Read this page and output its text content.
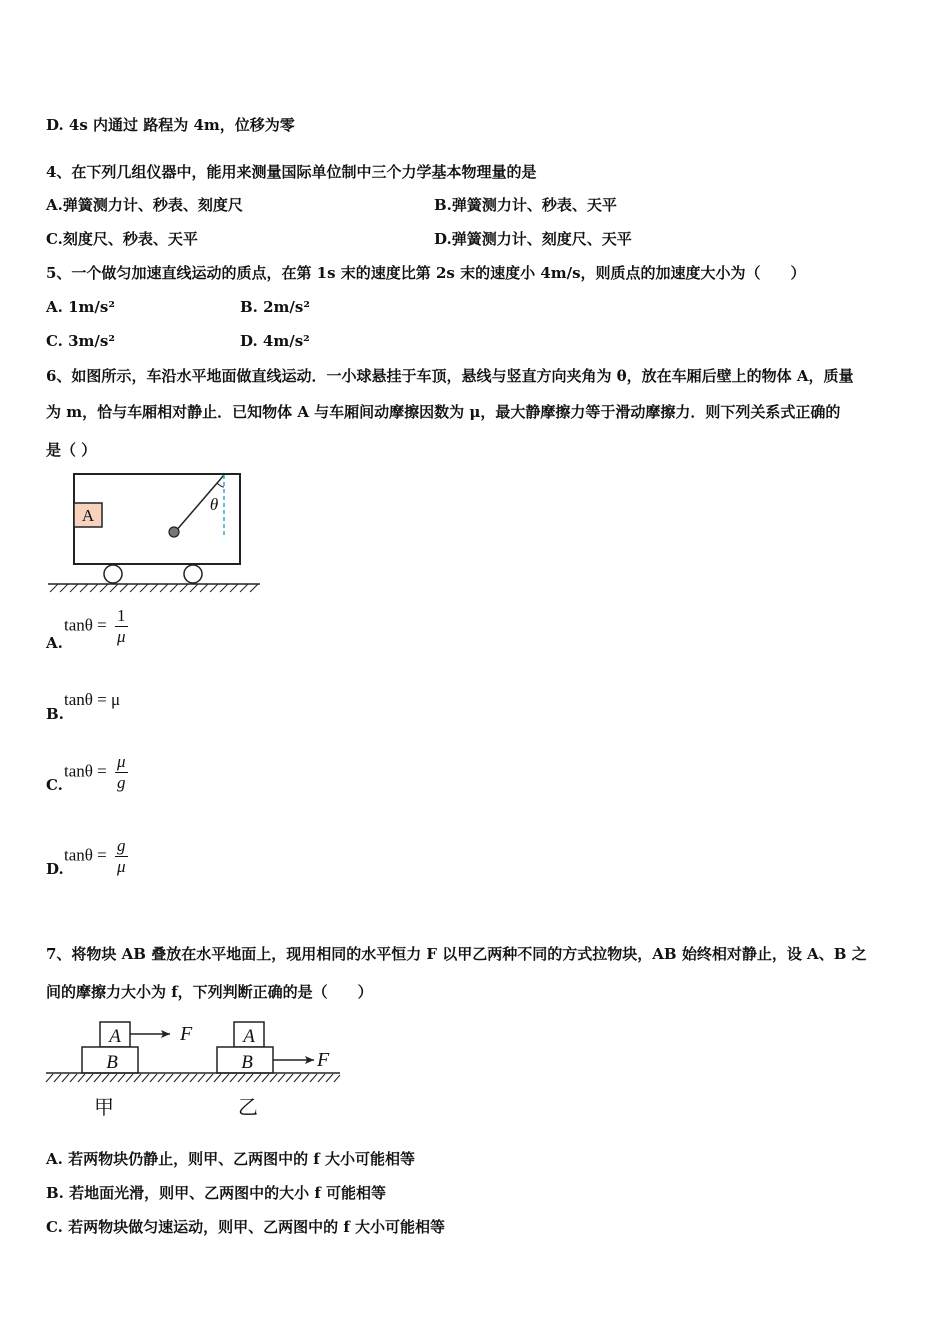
D. 4s 内通过 路程为 4m，位移为零
4、在下列几组仪器中，能用来测量国际单位制中三个力学基本物理量的是
A.弹簧测力计、秒表、刻度尺	B.弹簧测力计、秒表、天平
C.刻度尺、秒表、天平	D.弹簧测力计、刻度尺、天平
5、一个做匀加速直线运动的质点，在第 1s 末的速度比第 2s 末的速度小 4m/s，则质点的加速度大小为（　　）
A. 1m/s²	B. 2m/s²
C. 3m/s²	D. 4m/s²
6、如图所示，车沿水平地面做直线运动．一小球悬挂于车顶，悬线与竖直方向夹角为 θ，放在车厢后壁上的物体 A，质量
为 m，恰与车厢相对静止．已知物体 A 与车厢间动摩擦因数为 μ，最大静摩擦力等于滑动摩擦力．则下列关系式正确的
是（ ）
A
θ
A.
$\tan\theta = \frac{1}{\mu}$
B.
tanθ = μ
C.
$\tan\theta = \frac{\mu}{g}$
D.
$\tan\theta = \frac{g}{\mu}$
7、将物块 AB 叠放在水平地面上，现用相同的水平恒力 F 以甲乙两种不同的方式拉物块，AB 始终相对静止，设 A、B 之
间的摩擦力大小为 f，下列判断正确的是（　　）
A
B
F	A
B	F
甲	乙
A. 若两物块仍静止，则甲、乙两图中的 f 大小可能相等
B. 若地面光滑，则甲、乙两图中的大小 f 可能相等
C. 若两物块做匀速运动，则甲、乙两图中的 f 大小可能相等
